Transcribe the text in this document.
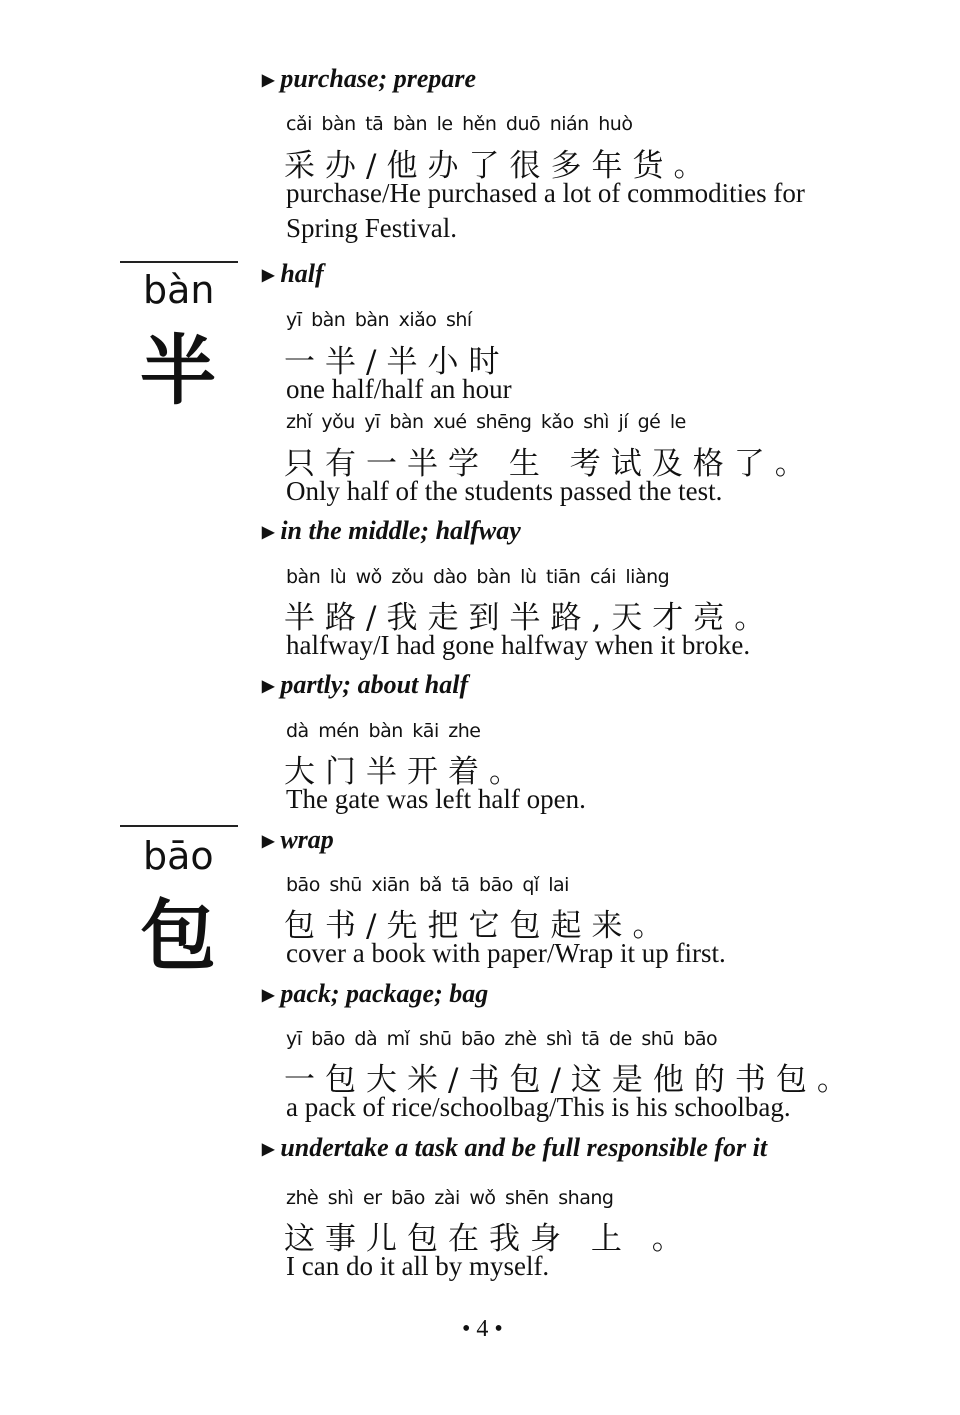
bàn
半
bāo
包
▶ purchase; prepare
cǎi bàn tā bàn le hěn duō nián huò
采办/他办了很多年货。
purchase/He purchased a lot of commodities for
Spring Festival.
▶ half
yī bàn bàn xiǎo shí
一半/半小时
one half/half an hour
zhǐ yǒu yī bàn xué shēng kǎo shì jí gé le
只有一半学 生 考试及格了。
Only half of the students passed the test.
▶ in the middle; halfway
bàn lù wǒ zǒu dào bàn lù tiān cái liàng
半路/我走到半路,天才亮。
halfway/I had gone halfway when it broke.
▶ partly; about half
dà mén bàn kāi zhe
大门半开着。
The gate was left half open.
▶ wrap
bāo shū xiān bǎ tā bāo qǐ lai
包书/先把它包起来。
cover a book with paper/Wrap it up first.
▶ pack; package; bag
yī bāo dà mǐ shū bāo zhè shì tā de shū bāo
一包大米/书包/这是他的书包。
a pack of rice/schoolbag/This is his schoolbag.
▶ undertake a task and be full responsible for it
zhè shì er bāo zài wǒ shēn shang
这事儿包在我身 上 。
I can do it all by myself.
• 4 •
